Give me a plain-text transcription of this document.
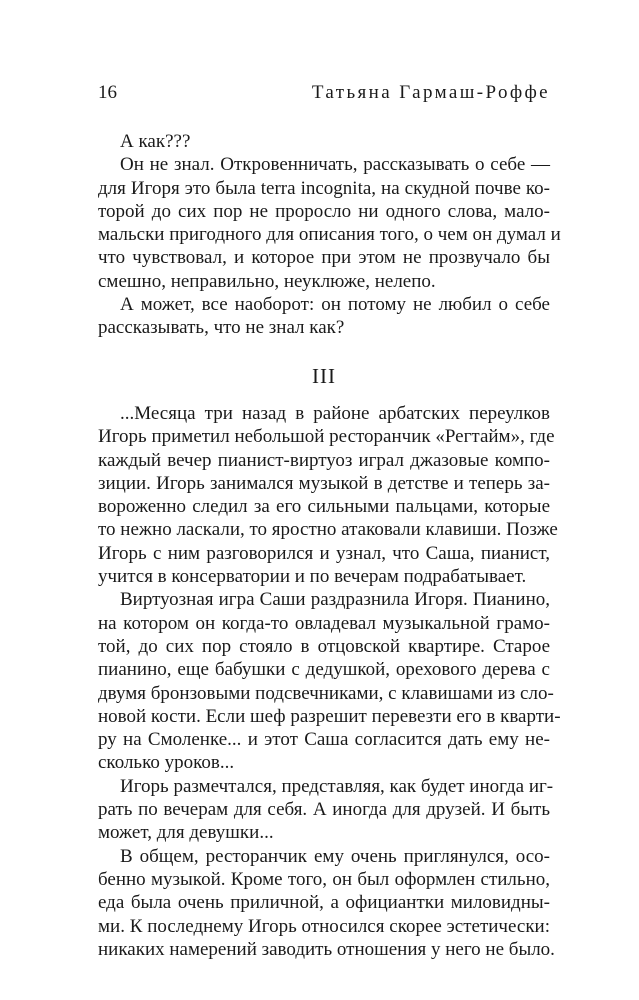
16	Татьяна Гармаш-Роффе
А как???
Он не знал. Откровенничать, рассказывать о себе —
для Игоря это была terra incognita, на скудной почве ко-
торой до сих пор не проросло ни одного слова, мало-
мальски пригодного для описания того, о чем он думал и
что чувствовал, и которое при этом не прозвучало бы
смешно, неправильно, неуклюже, нелепо.
А может, все наоборот: он потому не любил о себе
рассказывать, что не знал как?
III
...Месяца три назад в районе арбатских переулков
Игорь приметил небольшой ресторанчик «Регтайм», где
каждый вечер пианист-виртуоз играл джазовые компо-
зиции. Игорь занимался музыкой в детстве и теперь за-
вороженно следил за его сильными пальцами, которые
то нежно ласкали, то яростно атаковали клавиши. Позже
Игорь с ним разговорился и узнал, что Саша, пианист,
учится в консерватории и по вечерам подрабатывает.
Виртуозная игра Саши раздразнила Игоря. Пианино,
на котором он когда-то овладевал музыкальной грамо-
той, до сих пор стояло в отцовской квартире. Старое
пианино, еще бабушки с дедушкой, орехового дерева с
двумя бронзовыми подсвечниками, с клавишами из сло-
новой кости. Если шеф разрешит перевезти его в кварти-
ру на Смоленке... и этот Саша согласится дать ему не-
сколько уроков...
Игорь размечтался, представляя, как будет иногда иг-
рать по вечерам для себя. А иногда для друзей. И быть
может, для девушки...
В общем, ресторанчик ему очень приглянулся, осо-
бенно музыкой. Кроме того, он был оформлен стильно,
еда была очень приличной, а официантки миловидны-
ми. К последнему Игорь относился скорее эстетически:
никаких намерений заводить отношения у него не было.
